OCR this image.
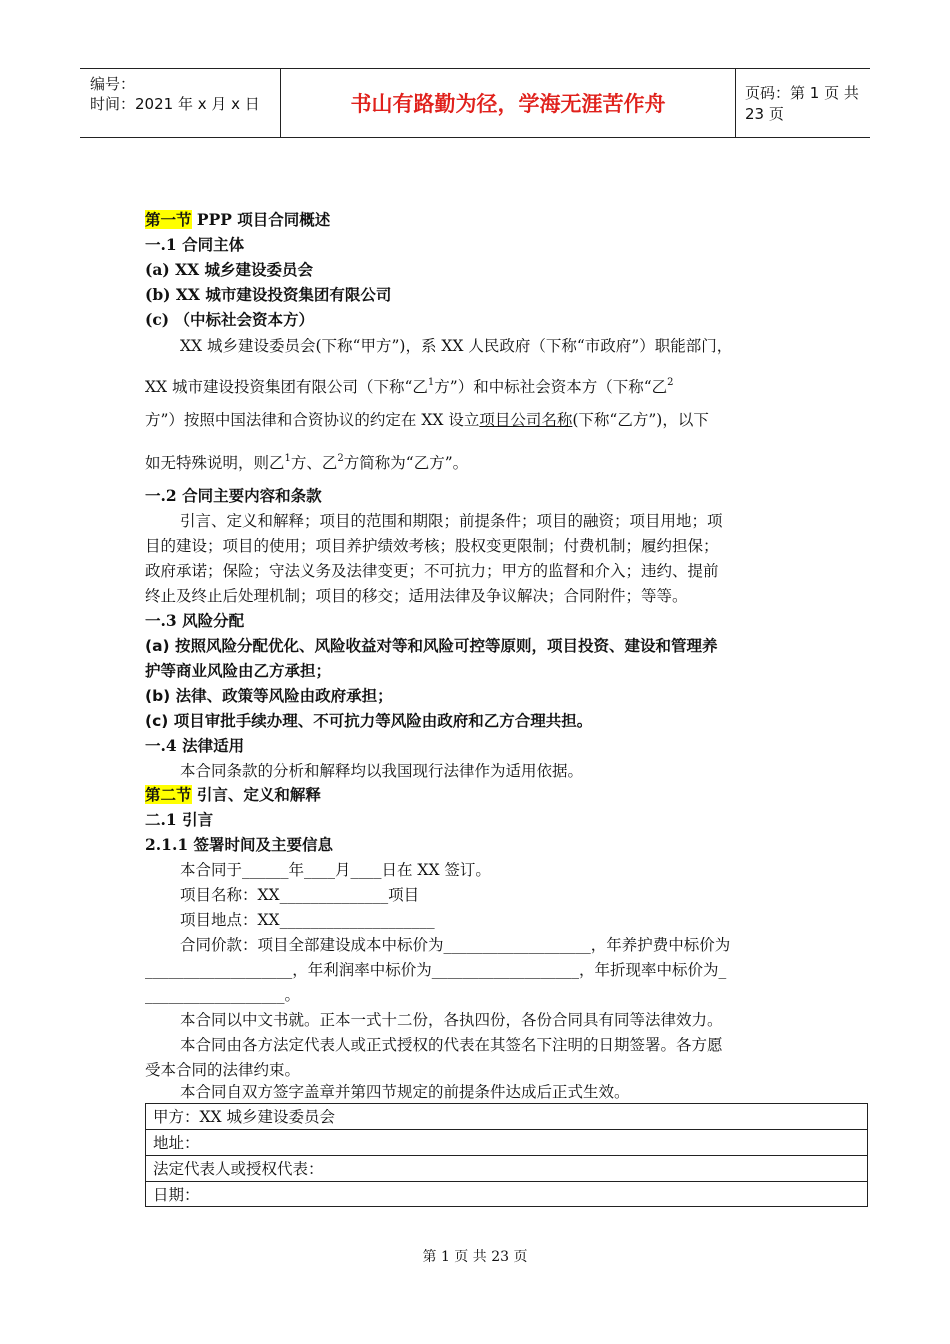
编号：
时间：2021 年 x 月 x 日	书山有路勤为径，学海无涯苦作舟	页码：第 1 页 共 23 页
第一节 PPP 项目合同概述
一.1 合同主体
(a) XX 城乡建设委员会
(b) XX 城市建设投资集团有限公司
(c) （中标社会资本方）
XX 城乡建设委员会(下称“甲方”)，系 XX 人民政府（下称“市政府”）职能部门，
XX 城市建设投资集团有限公司（下称“乙$^1$方”）和中标社会资本方（下称“乙$^2$
方”）按照中国法律和合资协议的约定在 XX 设立项目公司名称(下称“乙方”)，以下
如无特殊说明，则乙$^1$方、乙$^2$方简称为“乙方”。
一.2 合同主要内容和条款
引言、定义和解释；项目的范围和期限；前提条件；项目的融资；项目用地；项
目的建设；项目的使用；项目养护绩效考核；股权变更限制；付费机制；履约担保；
政府承诺；保险；守法义务及法律变更；不可抗力；甲方的监督和介入；违约、提前
终止及终止后处理机制；项目的移交；适用法律及争议解决；合同附件；等等。
一.3 风险分配
(a) 按照风险分配优化、风险收益对等和风险可控等原则，项目投资、建设和管理养
护等商业风险由乙方承担；
(b) 法律、政策等风险由政府承担；
(c) 项目审批手续办理、不可抗力等风险由政府和乙方合理共担。
一.4 法律适用
本合同条款的分析和解释均以我国现行法律作为适用依据。
第二节 引言、定义和解释
二.1 引言
2.1.1 签署时间及主要信息
本合同于______年____月____日在 XX 签订。
项目名称：XX______________项目
项目地点：XX____________________
合同价款：项目全部建设成本中标价为___________________，年养护费中标价为
___________________，年利润率中标价为___________________，年折现率中标价为_
__________________。
本合同以中文书就。正本一式十二份，各执四份，各份合同具有同等法律效力。
本合同由各方法定代表人或正式授权的代表在其签名下注明的日期签署。各方愿
受本合同的法律约束。
本合同自双方签字盖章并第四节规定的前提条件达成后正式生效。
甲方：XX 城乡建设委员会
地址：
法定代表人或授权代表：
日期：
第 1 页 共 23 页
